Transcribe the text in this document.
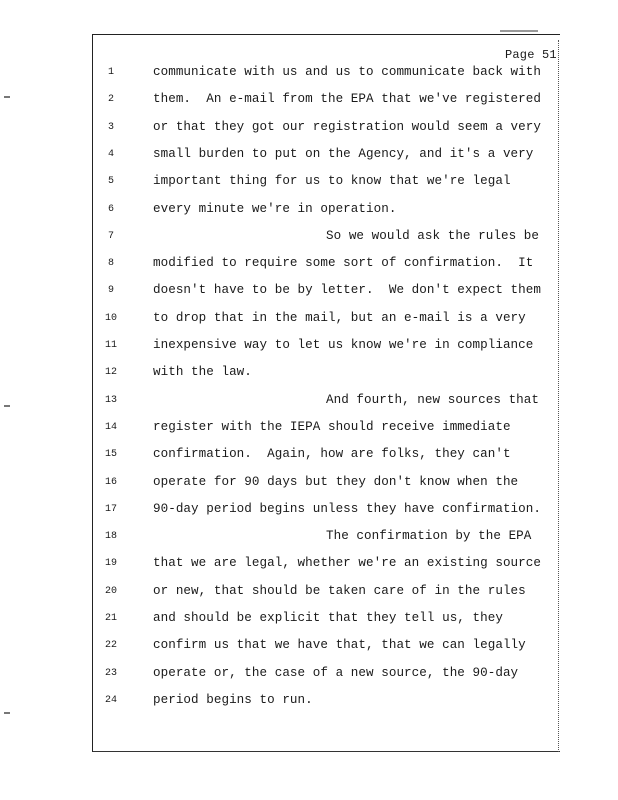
Page 51
1	communicate with us and us to communicate back with
2	them.  An e-mail from the EPA that we've registered
3	or that they got our registration would seem a very
4	small burden to put on the Agency, and it's a very
5	important thing for us to know that we're legal
6	every minute we're in operation.
7	So we would ask the rules be
8	modified to require some sort of confirmation.  It
9	doesn't have to be by letter.  We don't expect them
10	to drop that in the mail, but an e-mail is a very
11	inexpensive way to let us know we're in compliance
12	with the law.
13	And fourth, new sources that
14	register with the IEPA should receive immediate
15	confirmation.  Again, how are folks, they can't
16	operate for 90 days but they don't know when the
17	90-day period begins unless they have confirmation.
18	The confirmation by the EPA
19	that we are legal, whether we're an existing source
20	or new, that should be taken care of in the rules
21	and should be explicit that they tell us, they
22	confirm us that we have that, that we can legally
23	operate or, the case of a new source, the 90-day
24	period begins to run.
